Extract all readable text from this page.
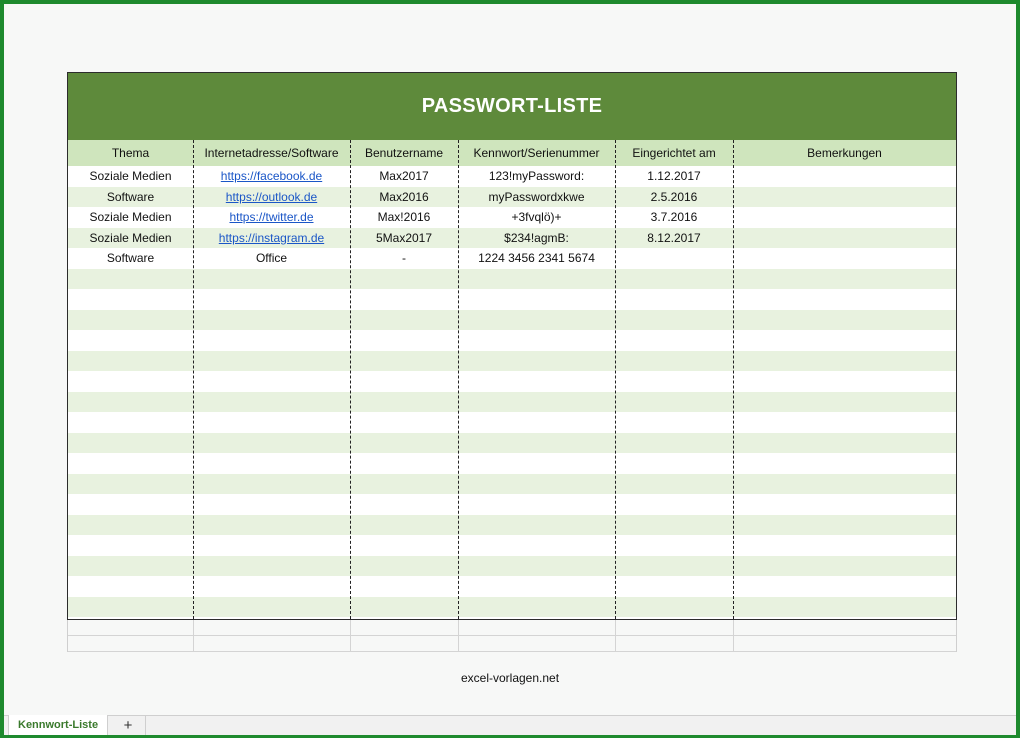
PASSWORT-LISTE
Thema	Internetadresse/Software	Benutzername	Kennwort/Serienummer	Eingerichtet am	Bemerkungen
Soziale Medien	https://facebook.de	Max2017	123!myPassword:	1.12.2017
Software	https://outlook.de	Max2016	myPasswordxkwe	2.5.2016
Soziale Medien	https://twitter.de	Max!2016	+3fvqlö)+	3.7.2016
Soziale Medien	https://instagram.de	5Max2017	$234!agmB:	8.12.2017
Software	Office	-	1224 3456 2341 5674
excel-vorlagen.net
Kennwort-Liste	+
